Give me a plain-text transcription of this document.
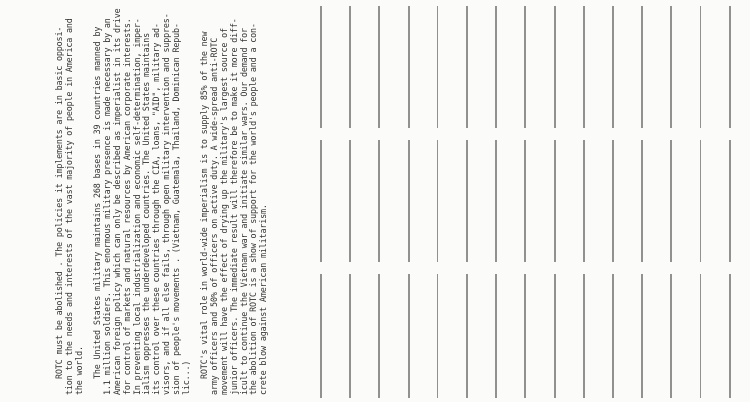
ROTC must be abolished . The policies it implements are in basic opposi- tion to the needs and interests of the vast majority of people in America and the world. The United States military maintains 268 bases in 39 countries manned by 1.1 million soldiers. This enormous military presence is made necessary by an American foreign policy which can only be described as imperialist in its drive for control of markets and natural resources by American corporate interests. In preventing local industrialization and economic self-determination, imper- ialism oppresses the underdeveloped countries. The United States maintains its control over these countries through the CIA, loans, "AID", military ad- visors, and if all else fails, through open military intervention and suppres- sion of people's movements . (Vietnam, Guatemala, Thailand, Dominican Repub- lic...) ROTC's vital role in world-wide imperialism is to supply 85% of the new army officers and 50% of officers on active duty. A wide-spread anti-ROTC movement will have the effect of drying up the military's largest source of junior officers. The immediate result will therefore be to make it more diff- icult to continue the Vietnam war and initiate similar wars. Our demand for the abolition of ROTC is a show of support for the world's people and a con- crete blow against American militarism.
